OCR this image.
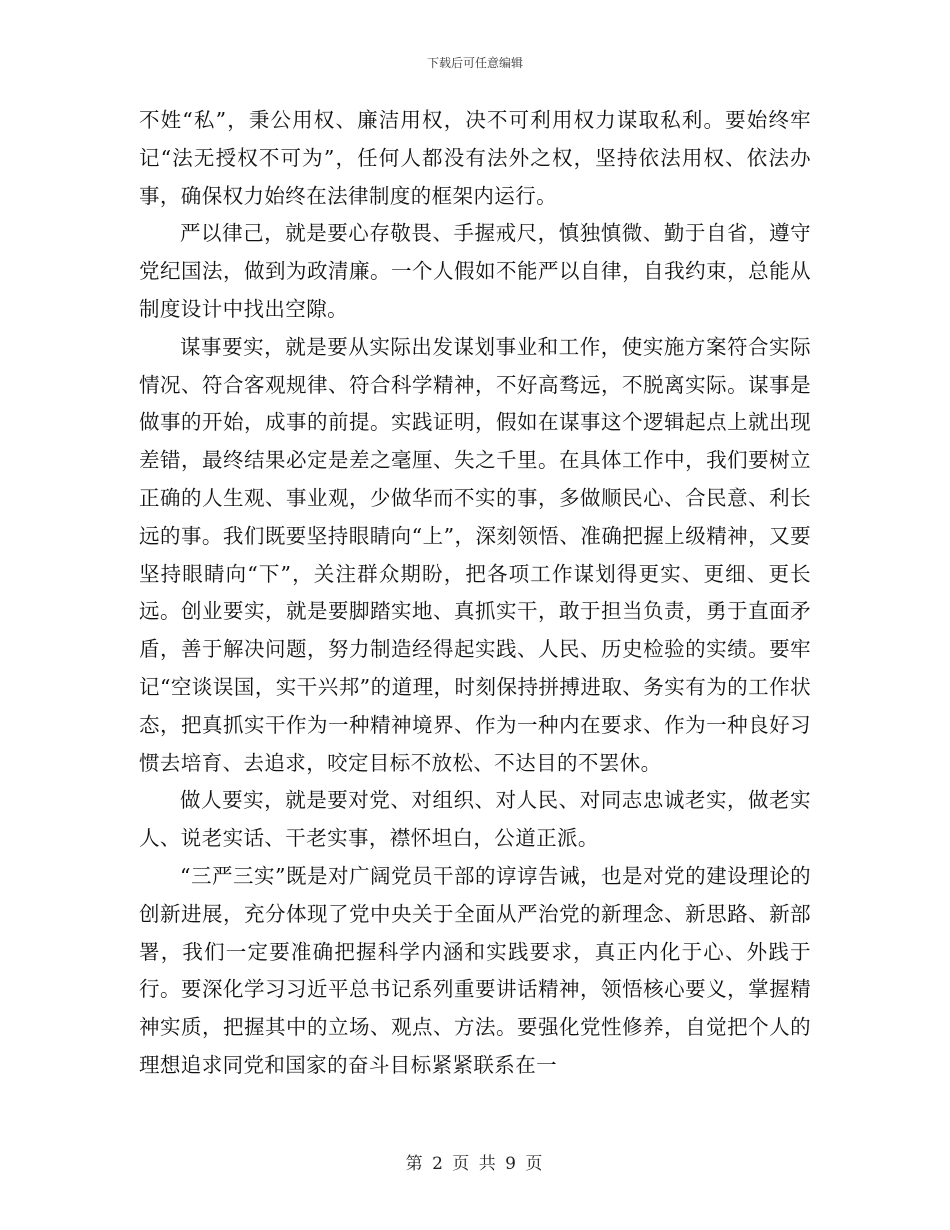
下载后可任意编辑

不姓“私”，秉公用权、廉洁用权，决不可利用权力谋取私利。要始终牢记“法无授权不可为”，任何人都没有法外之权，坚持依法用权、依法办事，确保权力始终在法律制度的框架内运行。

严以律己，就是要心存敬畏、手握戒尺，慎独慎微、勤于自省，遵守党纪国法，做到为政清廉。一个人假如不能严以自律，自我约束，总能从制度设计中找出空隙。

谋事要实，就是要从实际出发谋划事业和工作，使实施方案符合实际情况、符合客观规律、符合科学精神，不好高骛远，不脱离实际。谋事是做事的开始，成事的前提。实践证明，假如在谋事这个逻辑起点上就出现差错，最终结果必定是差之毫厘、失之千里。在具体工作中，我们要树立正确的人生观、事业观，少做华而不实的事，多做顺民心、合民意、利长远的事。我们既要坚持眼睛向“上”，深刻领悟、准确把握上级精神，又要坚持眼睛向“下”，关注群众期盼，把各项工作谋划得更实、更细、更长远。创业要实，就是要脚踏实地、真抓实干，敢于担当负责，勇于直面矛盾，善于解决问题，努力制造经得起实践、人民、历史检验的实绩。要牢记“空谈误国，实干兴邦”的道理，时刻保持拼搏进取、务实有为的工作状态，把真抓实干作为一种精神境界、作为一种内在要求、作为一种良好习惯去培育、去追求，咬定目标不放松、不达目的不罢休。

做人要实，就是要对党、对组织、对人民、对同志忠诚老实，做老实人、说老实话、干老实事，襟怀坦白，公道正派。

“三严三实”既是对广阔党员干部的谆谆告诫，也是对党的建设理论的创新进展，充分体现了党中央关于全面从严治党的新理念、新思路、新部署，我们一定要准确把握科学内涵和实践要求，真正内化于心、外践于行。要深化学习习近平总书记系列重要讲话精神，领悟核心要义，掌握精神实质，把握其中的立场、观点、方法。要强化党性修养，自觉把个人的理想追求同党和国家的奋斗目标紧紧联系在一

第 2 页 共 9 页
